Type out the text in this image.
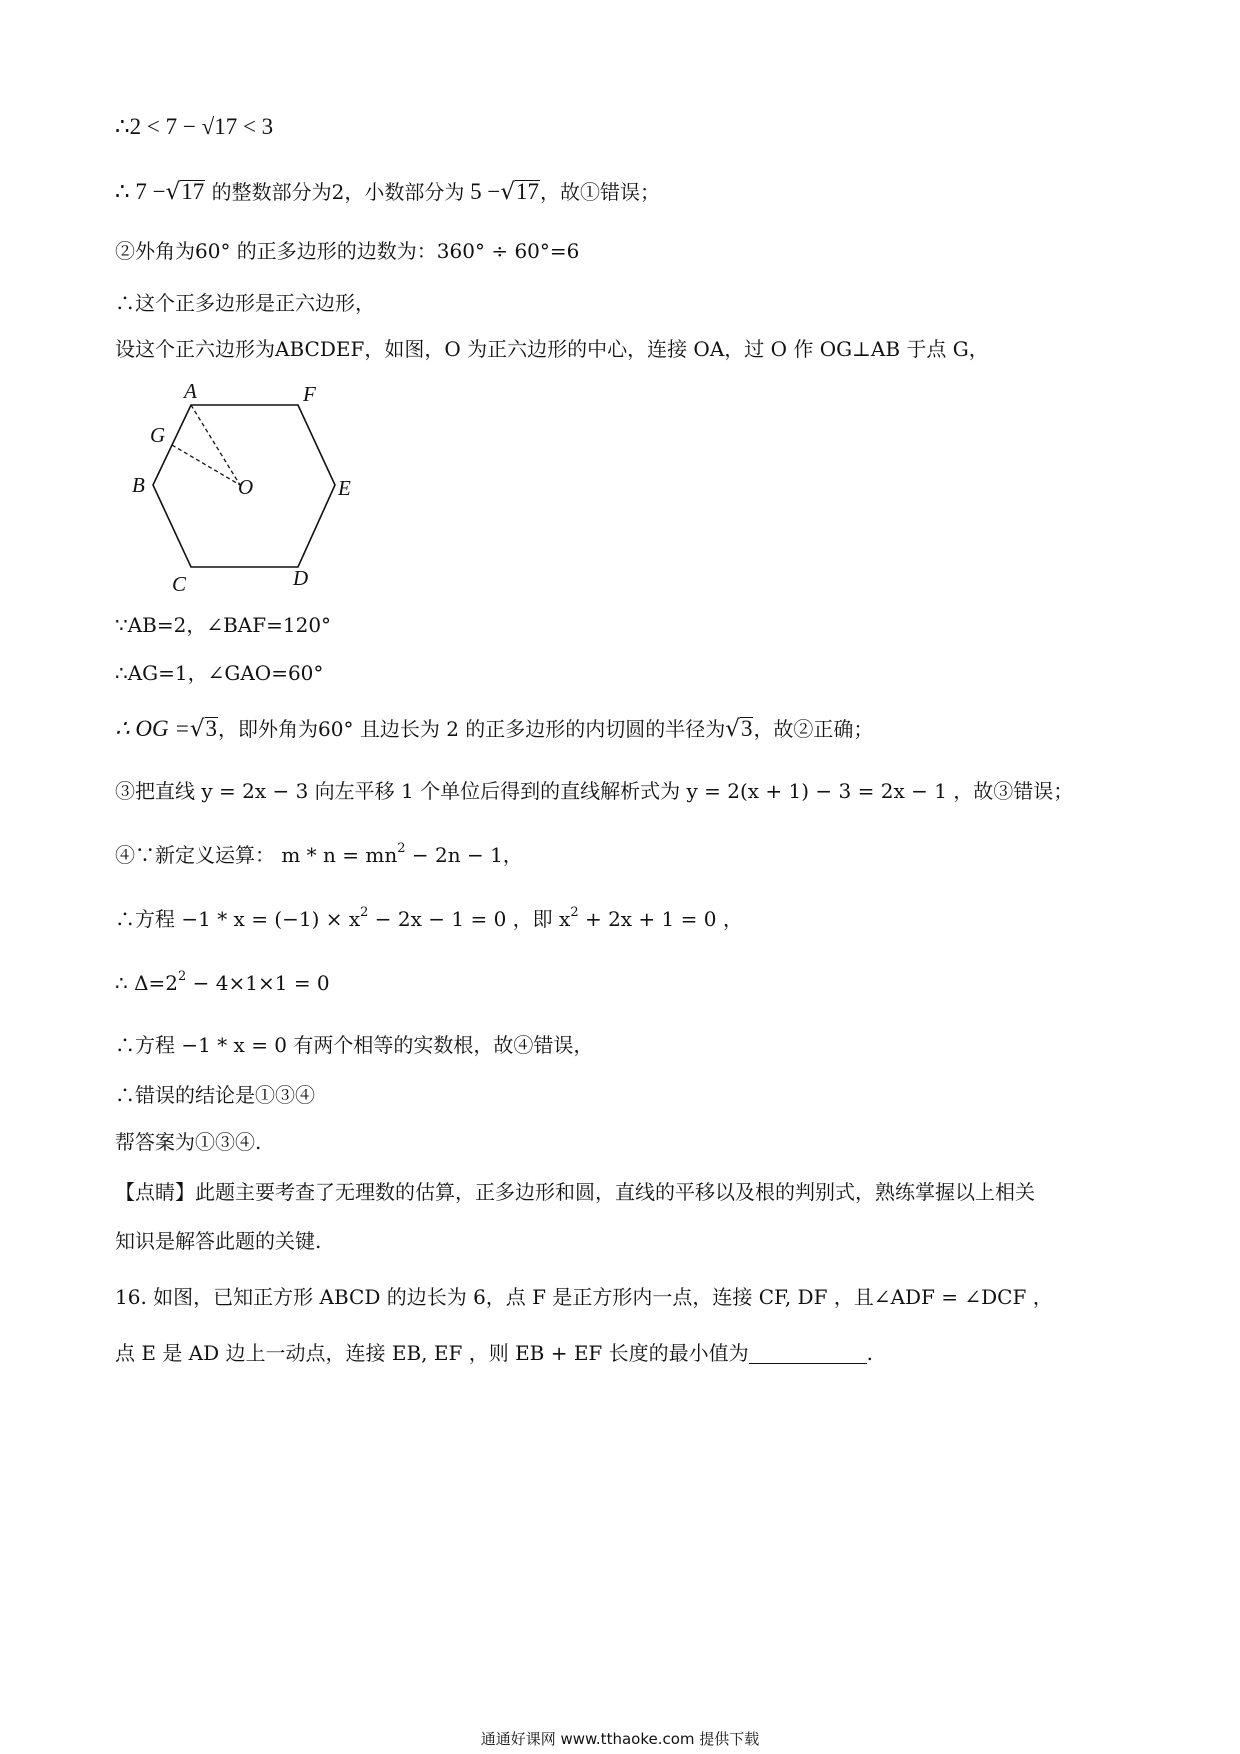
∴2 < 7 − √17 < 3
∴ 7 −√17 的整数部分为2，小数部分为 5 −√17，故①错误；
②外角为60° 的正多边形的边数为：360° ÷ 60°=6
∴这个正多边形是正六边形，
设这个正六边形为ABCDEF，如图，O 为正六边形的中心，连接 OA，过 O 作 OG⊥AB 于点 G，
A	F
G
B	O	E
C	D
∵AB=2，∠BAF=120°
∴AG=1，∠GAO=60°
∴ OG =√3，即外角为60° 且边长为 2 的正多边形的内切圆的半径为√3，故②正确；
③把直线 y = 2x − 3 向左平移 1 个单位后得到的直线解析式为 y = 2(x + 1) − 3 = 2x − 1 ，故③错误；
④∵新定义运算： $m * n = mn^2 - 2n - 1$，
∴方程 $-1 * x = (-1) \times x^2 - 2x - 1 = 0$ ，即 $x^2 + 2x + 1 = 0$ ，
∴ $\Delta=2^2 - 4\times 1\times 1 = 0$
∴方程 −1 * x = 0 有两个相等的实数根，故④错误，
∴错误的结论是①③④
帮答案为①③④.
【点睛】此题主要考查了无理数的估算，正多边形和圆，直线的平移以及根的判别式，熟练掌握以上相关
知识是解答此题的关键.
16. 如图，已知正方形 ABCD 的边长为 6，点 F 是正方形内一点，连接 CF, DF ，且∠ADF = ∠DCF ，
点 E 是 AD 边上一动点，连接 EB, EF ，则 EB + EF 长度的最小值为	.
通通好课网 www.tthaoke.com 提供下载
